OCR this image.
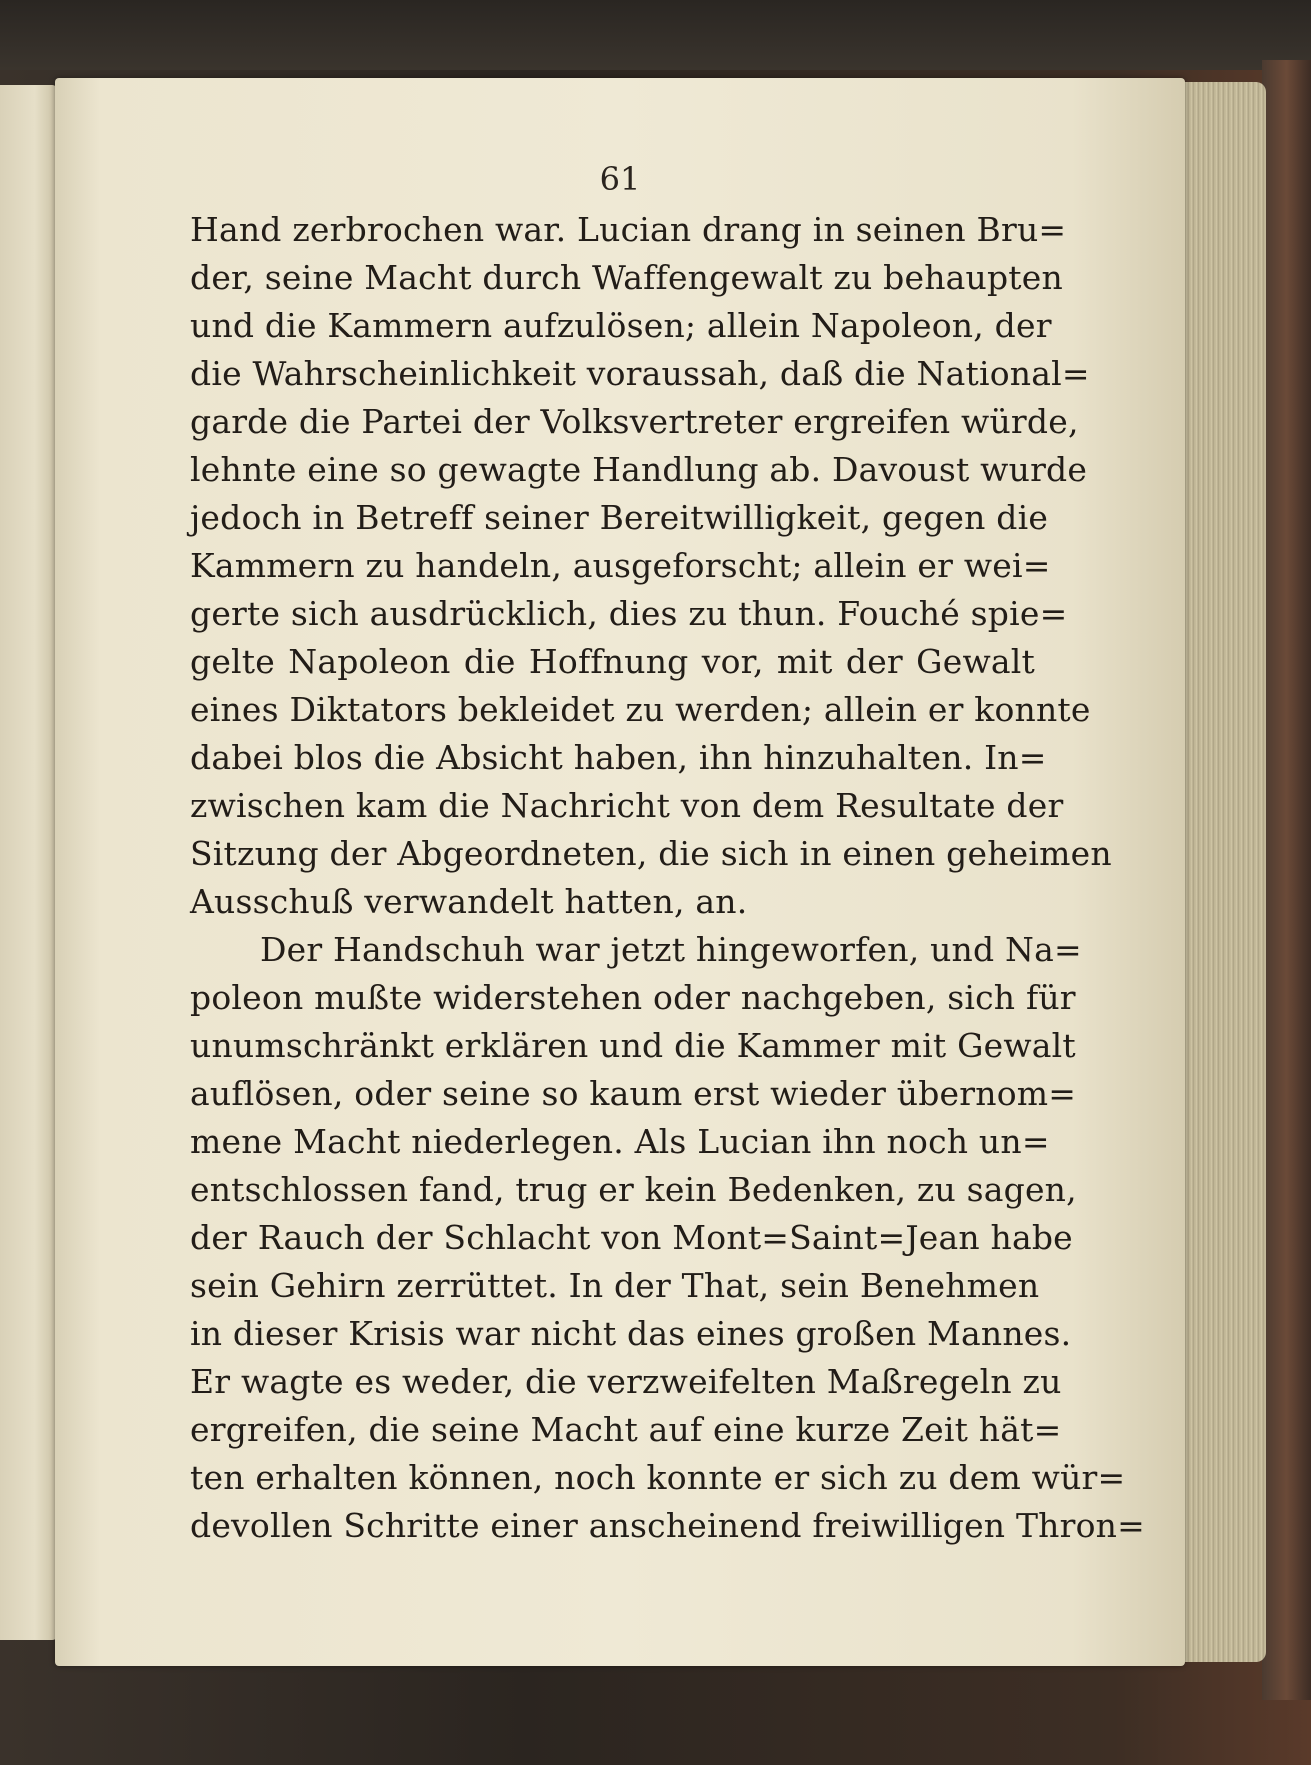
61

Hand zerbrochen war. Lucian drang in seinen Bru=
der, seine Macht durch Waffengewalt zu behaupten
und die Kammern aufzulösen; allein Napoleon, der
die Wahrscheinlichkeit voraussah, daß die National=
garde die Partei der Volksvertreter ergreifen würde,
lehnte eine so gewagte Handlung ab. Davoust wurde
jedoch in Betreff seiner Bereitwilligkeit, gegen die
Kammern zu handeln, ausgeforscht; allein er wei=
gerte sich ausdrücklich, dies zu thun. Fouché spie=
gelte Napoleon die Hoffnung vor, mit der Gewalt
eines Diktators bekleidet zu werden; allein er konnte
dabei blos die Absicht haben, ihn hinzuhalten. In=
zwischen kam die Nachricht von dem Resultate der
Sitzung der Abgeordneten, die sich in einen geheimen
Ausschuß verwandelt hatten, an.
Der Handschuh war jetzt hingeworfen, und Na=
poleon mußte widerstehen oder nachgeben, sich für
unumschränkt erklären und die Kammer mit Gewalt
auflösen, oder seine so kaum erst wieder übernom=
mene Macht niederlegen. Als Lucian ihn noch un=
entschlossen fand, trug er kein Bedenken, zu sagen,
der Rauch der Schlacht von Mont=Saint=Jean habe
sein Gehirn zerrüttet. In der That, sein Benehmen
in dieser Krisis war nicht das eines großen Mannes.
Er wagte es weder, die verzweifelten Maßregeln zu
ergreifen, die seine Macht auf eine kurze Zeit hät=
ten erhalten können, noch konnte er sich zu dem wür=
devollen Schritte einer anscheinend freiwilligen Thron=
